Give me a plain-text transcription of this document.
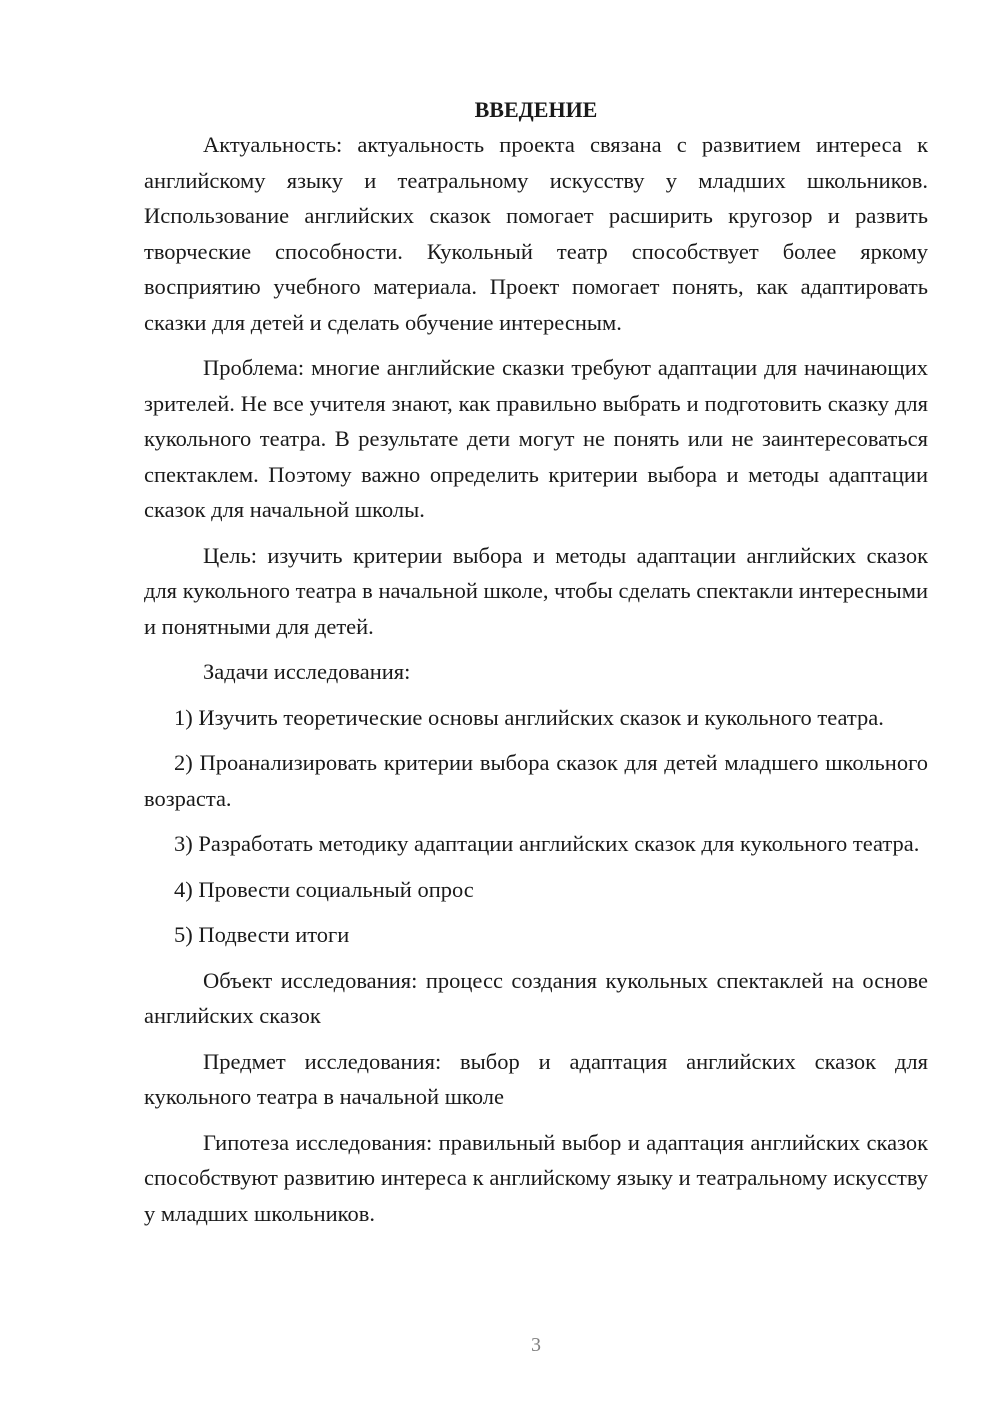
ВВЕДЕНИЕ

Актуальность: актуальность проекта связана с развитием интереса к английскому языку и театральному искусству у младших школьников. Использование английских сказок помогает расширить кругозор и развить творческие способности. Кукольный театр способствует более яркому восприятию учебного материала. Проект помогает понять, как адаптировать сказки для детей и сделать обучение интересным.

Проблема: многие английские сказки требуют адаптации для начинающих зрителей. Не все учителя знают, как правильно выбрать и подготовить сказку для кукольного театра. В результате дети могут не понять или не заинтересоваться спектаклем. Поэтому важно определить критерии выбора и методы адаптации сказок для начальной школы.

Цель: изучить критерии выбора и методы адаптации английских сказок для кукольного театра в начальной школе, чтобы сделать спектакли интересными и понятными для детей.

Задачи исследования:

1) Изучить теоретические основы английских сказок и кукольного театра.

2) Проанализировать критерии выбора сказок для детей младшего школьного возраста.

3) Разработать методику адаптации английских сказок для кукольного театра.

4) Провести социальный опрос

5) Подвести итоги

Объект исследования: процесс создания кукольных спектаклей на основе английских сказок

Предмет исследования: выбор и адаптация английских сказок для кукольного театра в начальной школе

Гипотеза исследования: правильный выбор и адаптация английских сказок способствуют развитию интереса к английскому языку и театральному искусству у младших школьников.

3
